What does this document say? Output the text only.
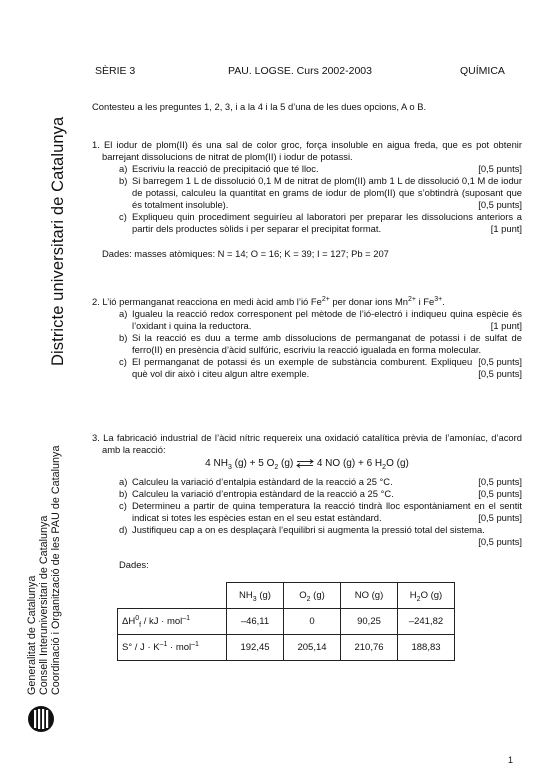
SÈRIE 3	PAU. LOGSE. Curs 2002-2003	QUÍMICA
Districte universitari de Catalunya
Generalitat de Catalunya Consell Interuniversitari de Catalunya Coordinació i Organització de les PAU de Catalunya
Contesteu a les preguntes 1, 2, 3, i a la 4 i la 5 d’una de les dues opcions, A o B.

1. El iodur de plom(II) és una sal de color groc, força insoluble en aigua freda, que es pot obtenir barrejant dissolucions de nitrat de plom(II) i iodur de potassi.

a)	[0,5 punts]
Escriviu la reacció de precipitació que té lloc.

b) Si barregem 1 L de dissolució 0,1 M de nitrat de plom(II) amb 1 L de dissolució 0,1 M de iodur de potassi, calculeu la quantitat en grams de iodur de plom(II) que s’obtindrà (suposant que és totalment insoluble).	[0,5 punts]

c) Expliqueu quin procediment seguiríeu al laboratori per preparar les dissolucions anteriors a partir dels productes sòlids i per separar el precipitat format.	[1 punt]

Dades: masses atòmiques: N = 14; O = 16; K = 39; I = 127; Pb = 207

2. L’ió permanganat reacciona en medi àcid amb l’ió $Fe^{2+}$ per donar ions $Mn^{2+}$ i $Fe^{3+}$.

a) Igualeu la reacció redox corresponent pel mètode de l’ió-electró i indiqueu quina espècie és l’oxidant i quina la reductora.	[1 punt]

b) Si la reacció es duu a terme amb dissolucions de permanganat de potassi i de sulfat de ferro(II) en presència d’àcid sulfúric, escriviu la reacció igualada en forma molecular.
[0,5 punts]

c) El permanganat de potassi és un exemple de substància comburent. Expliqueu què vol dir això i citeu algun altre exemple.	[0,5 punts]

3. La fabricació industrial de l’àcid nítric requereix una oxidació catalítica prèvia de l’amoníac, d’acord amb la reacció:

4 $NH_3$ (g) + 5 $O_2$ (g) ⇌ 4 NO (g) + 6 $H_2O$ (g)

a)	[0,5 punts]
Calculeu la variació d’entalpia estàndard de la reacció a 25 °C.

b)	[0,5 punts]
Calculeu la variació d’entropia estàndard de la reacció a 25 °C.

c) Determineu a partir de quina temperatura la reacció tindrà lloc espontàniament en el sentit indicat si totes les espècies estan en el seu estat estàndard.	[0,5 punts]

d) Justifiqueu cap a on es desplaçarà l’equilibri si augmenta la pressió total del sistema.

[0,5 punts]

Dades:

	$NH_3$ (g)	$O_2$ (g)	NO (g)	$H_2O$ (g)
$\Delta H^0_f$ / kJ · mol$^{-1}$	–46,11	0	90,25	–241,82
$S^\circ / J \cdot K^{-1} \cdot mol^{-1}$	192,45	205,14	210,76	188,83
1
